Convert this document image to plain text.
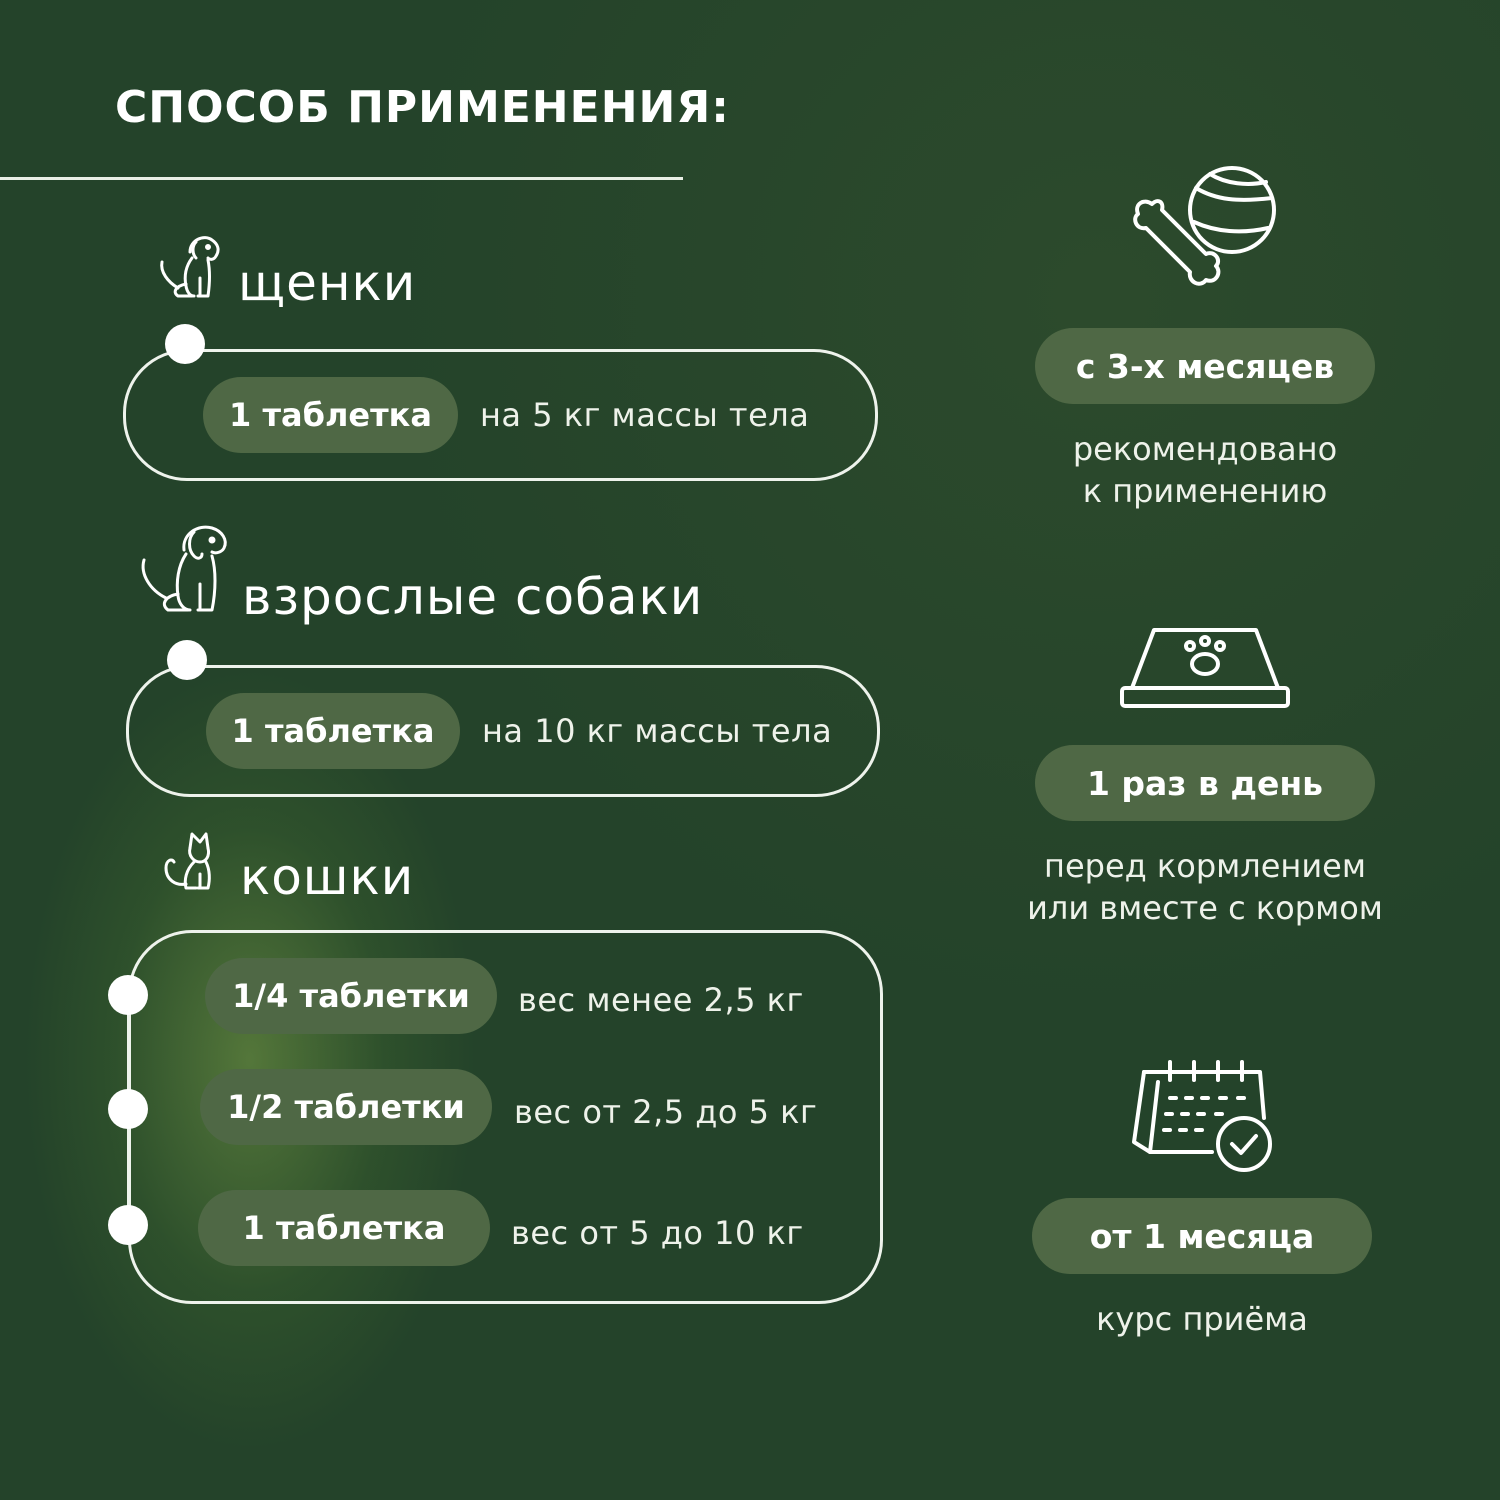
СПОСОБ ПРИМЕНЕНИЯ:
щенки
1 таблетка	на 5 кг массы тела
взрослые собаки
1 таблетка	на 10 кг массы тела
кошки
1/4 таблетки	вес менее 2,5 кг
1/2 таблетки	вес от 2,5 до 5 кг
1 таблетка	вес от 5 до 10 кг
с 3-х месяцев
рекомендовано
к применению
1 раз в день
перед кормлением
или вместе с кормом
от 1 месяца
курс приёма
